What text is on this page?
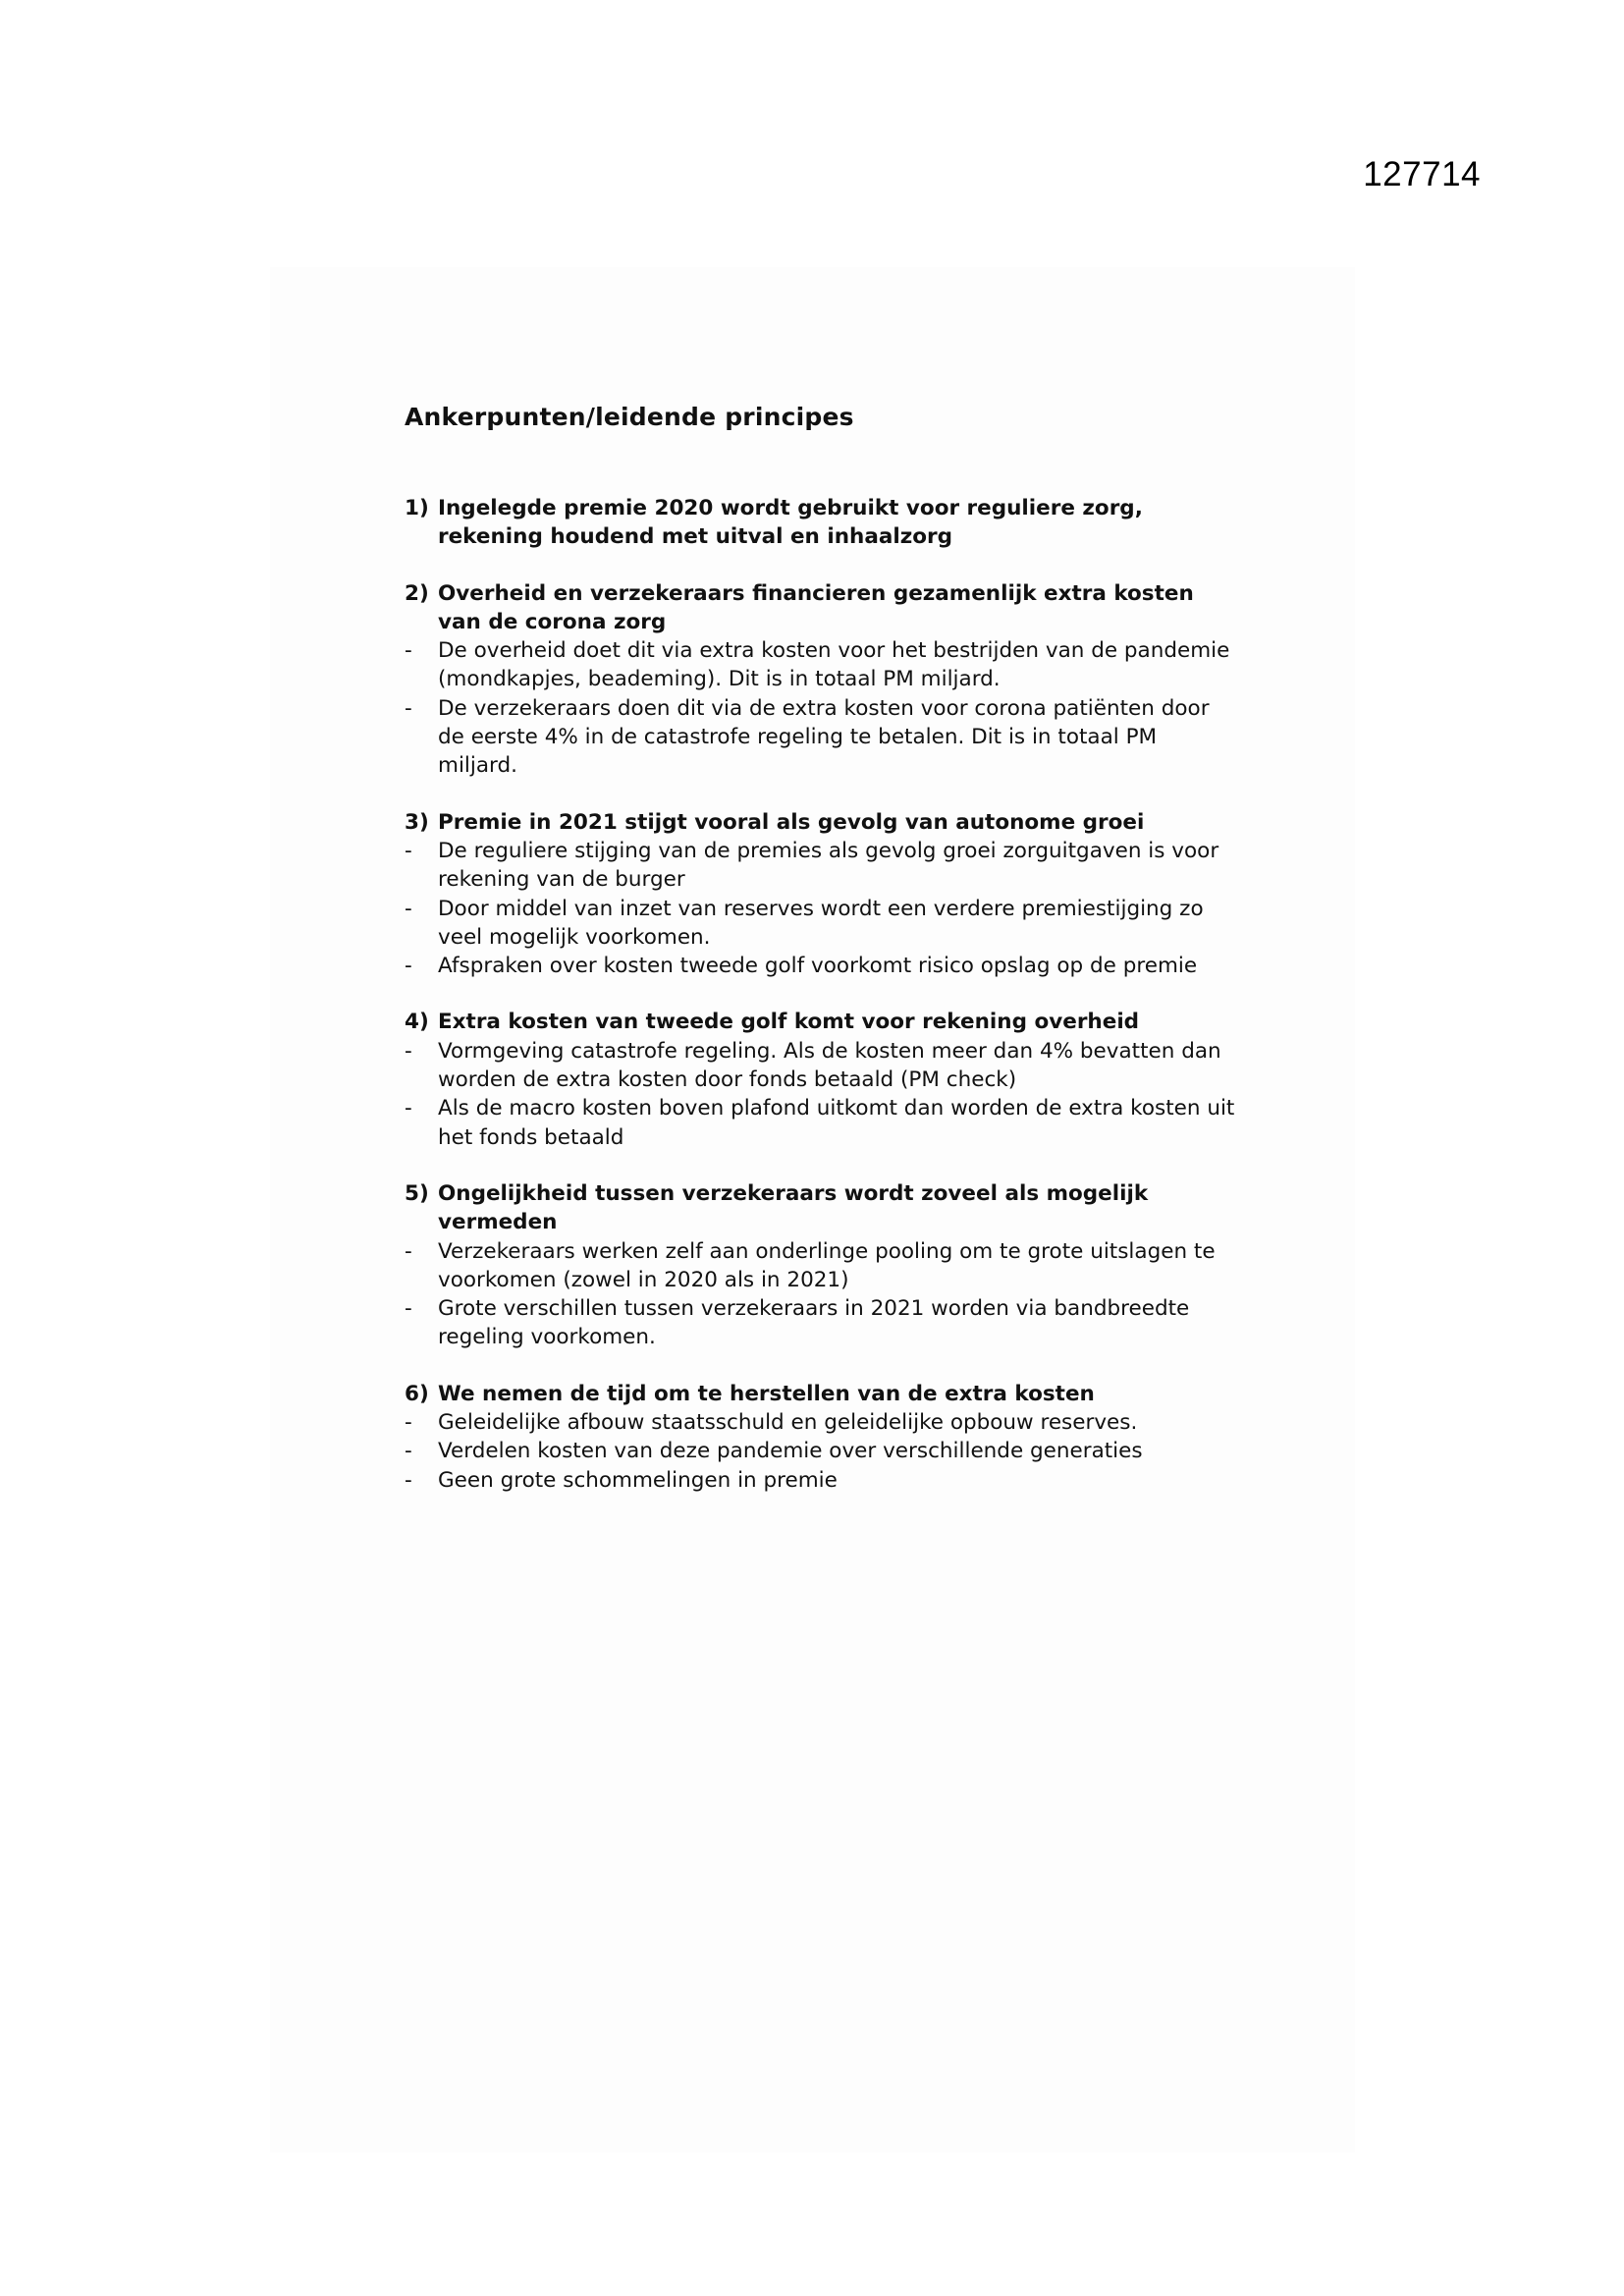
127714
Ankerpunten/leidende principes
1) Ingelegde premie 2020 wordt gebruikt voor reguliere zorg, rekening houdend met uitval en inhaalzorg
2) Overheid en verzekeraars financieren gezamenlijk extra kosten van de corona zorg
-	De overheid doet dit via extra kosten voor het bestrijden van de pandemie (mondkapjes, beademing). Dit is in totaal PM miljard.
-	De verzekeraars doen dit via de extra kosten voor corona patiënten door de eerste 4% in de catastrofe regeling te betalen. Dit is in totaal PM miljard.
3) Premie in 2021 stijgt vooral als gevolg van autonome groei
-	De reguliere stijging van de premies als gevolg groei zorguitgaven is voor rekening van de burger
-	Door middel van inzet van reserves wordt een verdere premiestijging zo veel mogelijk voorkomen.
-	Afspraken over kosten tweede golf voorkomt risico opslag op de premie
4) Extra kosten van tweede golf komt voor rekening overheid
-	Vormgeving catastrofe regeling. Als de kosten meer dan 4% bevatten dan worden de extra kosten door fonds betaald (PM check)
-	Als de macro kosten boven plafond uitkomt dan worden de extra kosten uit het fonds betaald
5) Ongelijkheid tussen verzekeraars wordt zoveel als mogelijk vermeden
-	Verzekeraars werken zelf aan onderlinge pooling om te grote uitslagen te voorkomen (zowel in 2020 als in 2021)
-	Grote verschillen tussen verzekeraars in 2021 worden via bandbreedte regeling voorkomen.
6) We nemen de tijd om te herstellen van de extra kosten
-	Geleidelijke afbouw staatsschuld en geleidelijke opbouw reserves.
-	Verdelen kosten van deze pandemie over verschillende generaties
-	Geen grote schommelingen in premie
